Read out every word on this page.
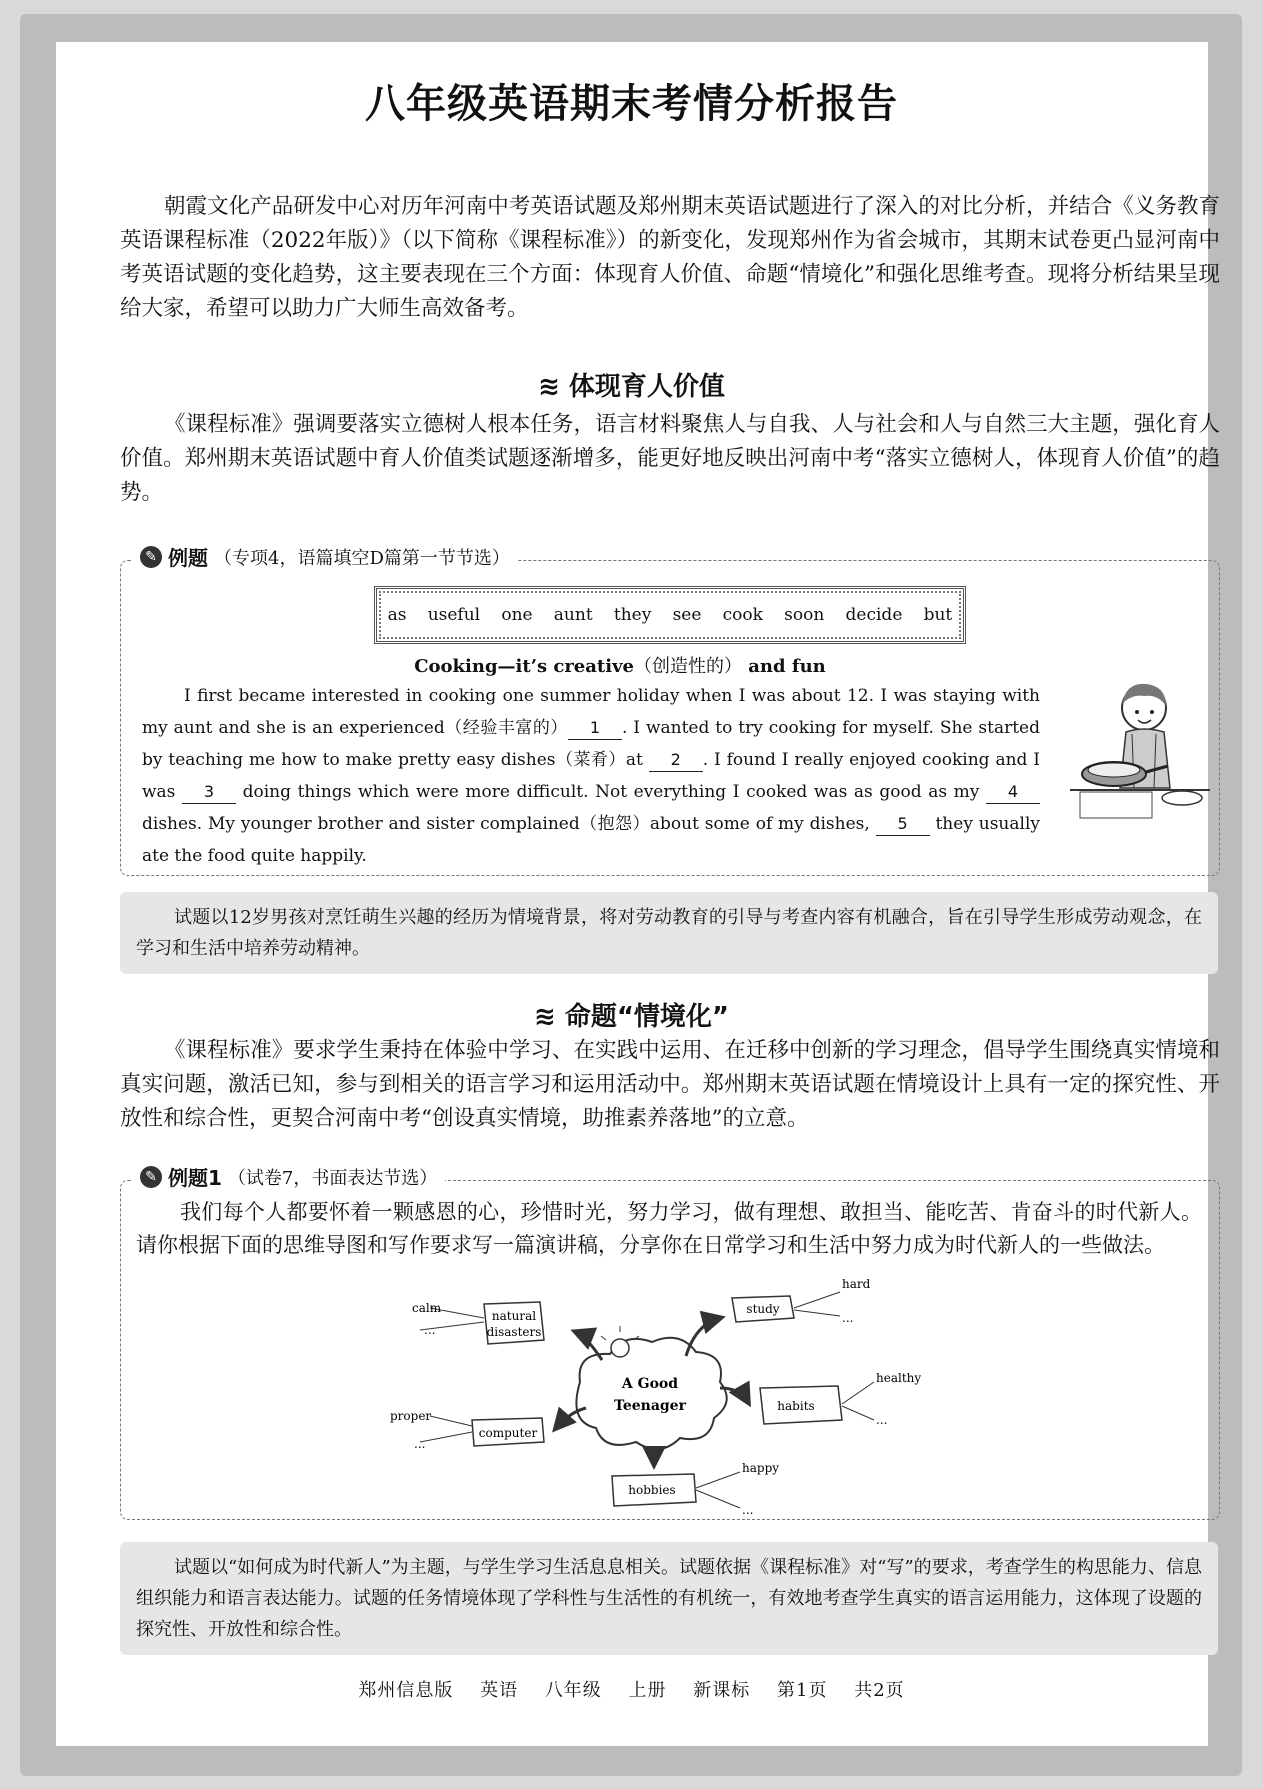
八年级英语期末考情分析报告

朝霞文化产品研发中心对历年河南中考英语试题及郑州期末英语试题进行了深入的对比分析，并结合《义务教育英语课程标准（2022年版）》（以下简称《课程标准》）的新变化，发现郑州作为省会城市，其期末试卷更凸显河南中考英语试题的变化趋势，这主要表现在三个方面：体现育人价值、命题“情境化”和强化思维考查。现将分析结果呈现给大家，希望可以助力广大师生高效备考。

≋ 体现育人价值

《课程标准》强调要落实立德树人根本任务，语言材料聚焦人与自我、人与社会和人与自然三大主题，强化育人价值。郑州期末英语试题中育人价值类试题逐渐增多，能更好地反映出河南中考“落实立德树人，体现育人价值”的趋势。

✎ 例题 （专项4，语篇填空D篇第一节节选）
as useful one aunt they see cook soon decide but
Cooking—it’s creative（创造性的） and fun

I first became interested in cooking one summer holiday when I was about 12. I was staying with my aunt and she is an experienced（经验丰富的） 1 . I wanted to try cooking for myself. She started by teaching me how to make pretty easy dishes（菜肴）at 2 . I found I really enjoyed cooking and I was 3 doing things which were more difficult. Not everything I cooked was as good as my 4 dishes. My younger brother and sister complained（抱怨）about some of my dishes, 5 they usually ate the food quite happily.

试题以12岁男孩对烹饪萌生兴趣的经历为情境背景，将对劳动教育的引导与考查内容有机融合，旨在引导学生形成劳动观念，在学习和生活中培养劳动精神。

≋ 命题“情境化”

《课程标准》要求学生秉持在体验中学习、在实践中运用、在迁移中创新的学习理念，倡导学生围绕真实情境和真实问题，激活已知，参与到相关的语言学习和运用活动中。郑州期末英语试题在情境设计上具有一定的探究性、开放性和综合性，更契合河南中考“创设真实情境，助推素养落地”的立意。

✎ 例题1 （试卷7，书面表达节选）

我们每个人都要怀着一颗感恩的心，珍惜时光，努力学习，做有理想、敢担当、能吃苦、肯奋斗的时代新人。请你根据下面的思维导图和写作要求写一篇演讲稿，分享你在日常学习和生活中努力成为时代新人的一些做法。

A Good
Teenager
natural
disasters
calm
...
study
hard
...
habits
healthy
...
computer
proper
...
hobbies
happy
...

试题以“如何成为时代新人”为主题，与学生学习生活息息相关。试题依据《课程标准》对“写”的要求，考查学生的构思能力、信息组织能力和语言表达能力。试题的任务情境体现了学科性与生活性的有机统一，有效地考查学生真实的语言运用能力，这体现了设题的探究性、开放性和综合性。

郑州信息版 英语 八年级 上册 新课标 第1页 共2页
